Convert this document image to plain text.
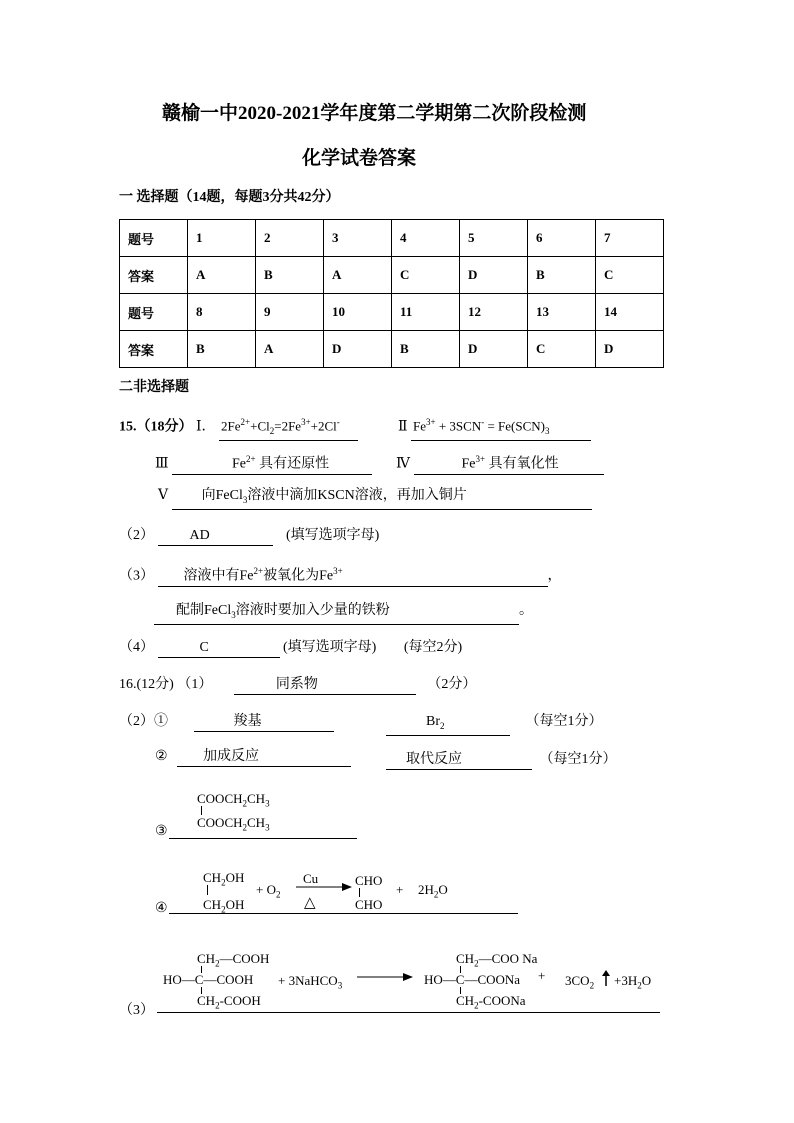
赣榆一中2020-2021学年度第二学期第二次阶段检测
化学试卷答案
一 选择题（14题，每题3分共42分）
题号	1	2	3	4	5	6	7
答案	A	B	A	C	D	B	C
题号	8	9	10	11	12	13	14
答案	B	A	D	B	D	C	D
二非选择题
15.（18分） Ⅰ． $2Fe^{2+}+Cl_2=2Fe^{3+}+2Cl^-$	Ⅱ $Fe^{3+} + 3SCN^- = Fe(SCN)_3$
Ⅲ	$Fe^{2+}$ 具有还原性	Ⅳ	$Fe^{3+}$ 具有氧化性
Ⅴ 向FeCl$_3$溶液中滴加KSCN溶液，再加入铜片
（2）	AD	(填写选项字母)
（3） 溶液中有$Fe^{2+}$被氧化为$Fe^{3+}$	，
配制FeCl$_3$溶液时要加入少量的铁粉	。
（4）	C	(填写选项字母) (每空2分)
16.(12分) （1）	同系物	（2分）
（2）①	羧基	$Br_2$	（每空1分）
②	加成反应	取代反应	（每空1分）
$COOCH_2CH_3$
$COOCH_2CH_3$
③
$CH_2OH$
$CH_2OH$
+ $O_2$
Cu
△
CHO
CHO
+ $2H_2O$
④
$CH_2—COOH$
HO—C—COOH
$CH_2$-COOH
+ 3NaHCO$_3$
$CH_2—COO$ Na
HO—C—COONa
$CH_2$-COONa
+ $3CO_2 +3H_2O$
（3）
